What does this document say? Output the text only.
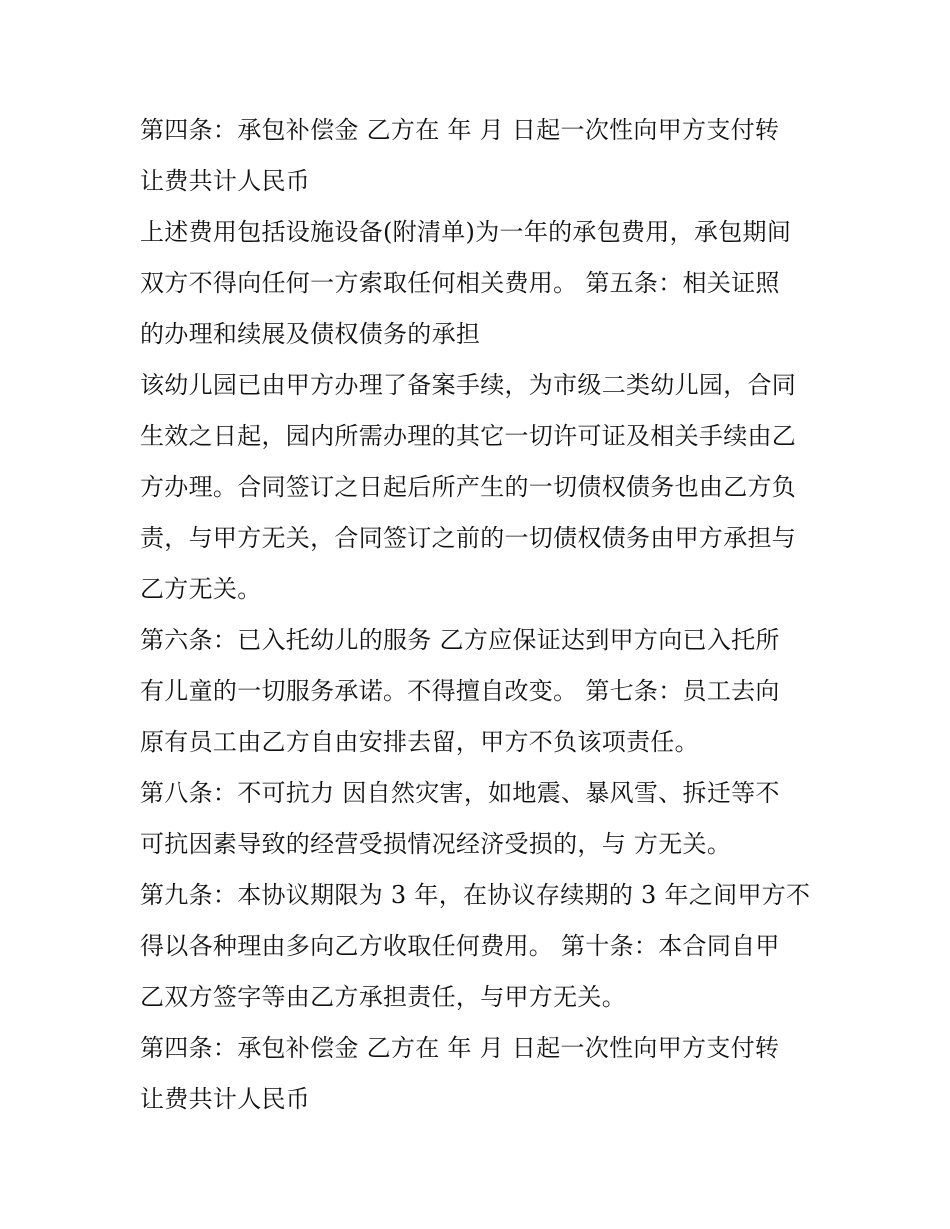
第四条：承包补偿金 乙方在 年 月 日起一次性向甲方支付转
让费共计人民币
上述费用包括设施设备(附清单)为一年的承包费用，承包期间
双方不得向任何一方索取任何相关费用。 第五条：相关证照
的办理和续展及债权债务的承担
该幼儿园已由甲方办理了备案手续，为市级二类幼儿园，合同
生效之日起，园内所需办理的其它一切许可证及相关手续由乙
方办理。合同签订之日起后所产生的一切债权债务也由乙方负
责，与甲方无关，合同签订之前的一切债权债务由甲方承担与
乙方无关。
第六条：已入托幼儿的服务 乙方应保证达到甲方向已入托所
有儿童的一切服务承诺。不得擅自改变。 第七条：员工去向
原有员工由乙方自由安排去留，甲方不负该项责任。
第八条：不可抗力 因自然灾害，如地震、暴风雪、拆迁等不
可抗因素导致的经营受损情况经济受损的，与 方无关。
第九条：本协议期限为 3 年，在协议存续期的 3 年之间甲方不
得以各种理由多向乙方收取任何费用。 第十条：本合同自甲
乙双方签字等由乙方承担责任，与甲方无关。
第四条：承包补偿金 乙方在 年 月 日起一次性向甲方支付转
让费共计人民币
